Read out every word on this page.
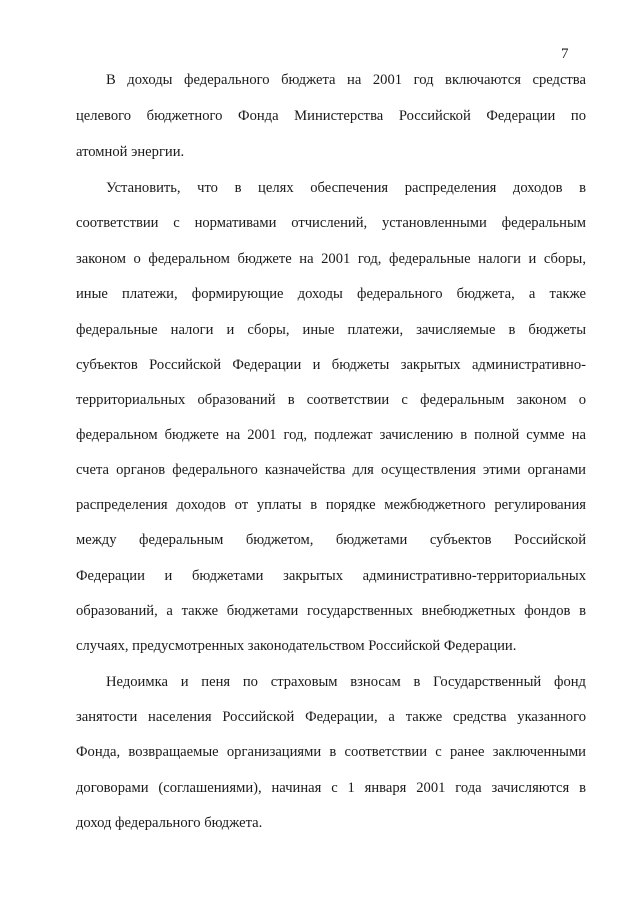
7
В доходы федерального бюджета на 2001 год включаются средства
целевого бюджетного Фонда Министерства Российской Федерации по
атомной энергии.
Установить, что в целях обеспечения распределения доходов в
соответствии с нормативами отчислений, установленными федеральным
законом о федеральном бюджете на 2001 год, федеральные налоги и сборы,
иные платежи, формирующие доходы федерального бюджета, а также
федеральные налоги и сборы, иные платежи, зачисляемые в бюджеты
субъектов Российской Федерации и бюджеты закрытых административно-
территориальных образований в соответствии с федеральным законом о
федеральном бюджете на 2001 год, подлежат зачислению в полной сумме на
счета органов федерального казначейства для осуществления этими органами
распределения доходов от уплаты в порядке межбюджетного регулирования
между федеральным бюджетом, бюджетами субъектов Российской
Федерации и бюджетами закрытых административно-территориальных
образований, а также бюджетами государственных внебюджетных фондов в
случаях, предусмотренных законодательством Российской Федерации.
Недоимка и пеня по страховым взносам в Государственный фонд
занятости населения Российской Федерации, а также средства указанного
Фонда, возвращаемые организациями в соответствии с ранее заключенными
договорами (соглашениями), начиная с 1 января 2001 года зачисляются в
доход федерального бюджета.
